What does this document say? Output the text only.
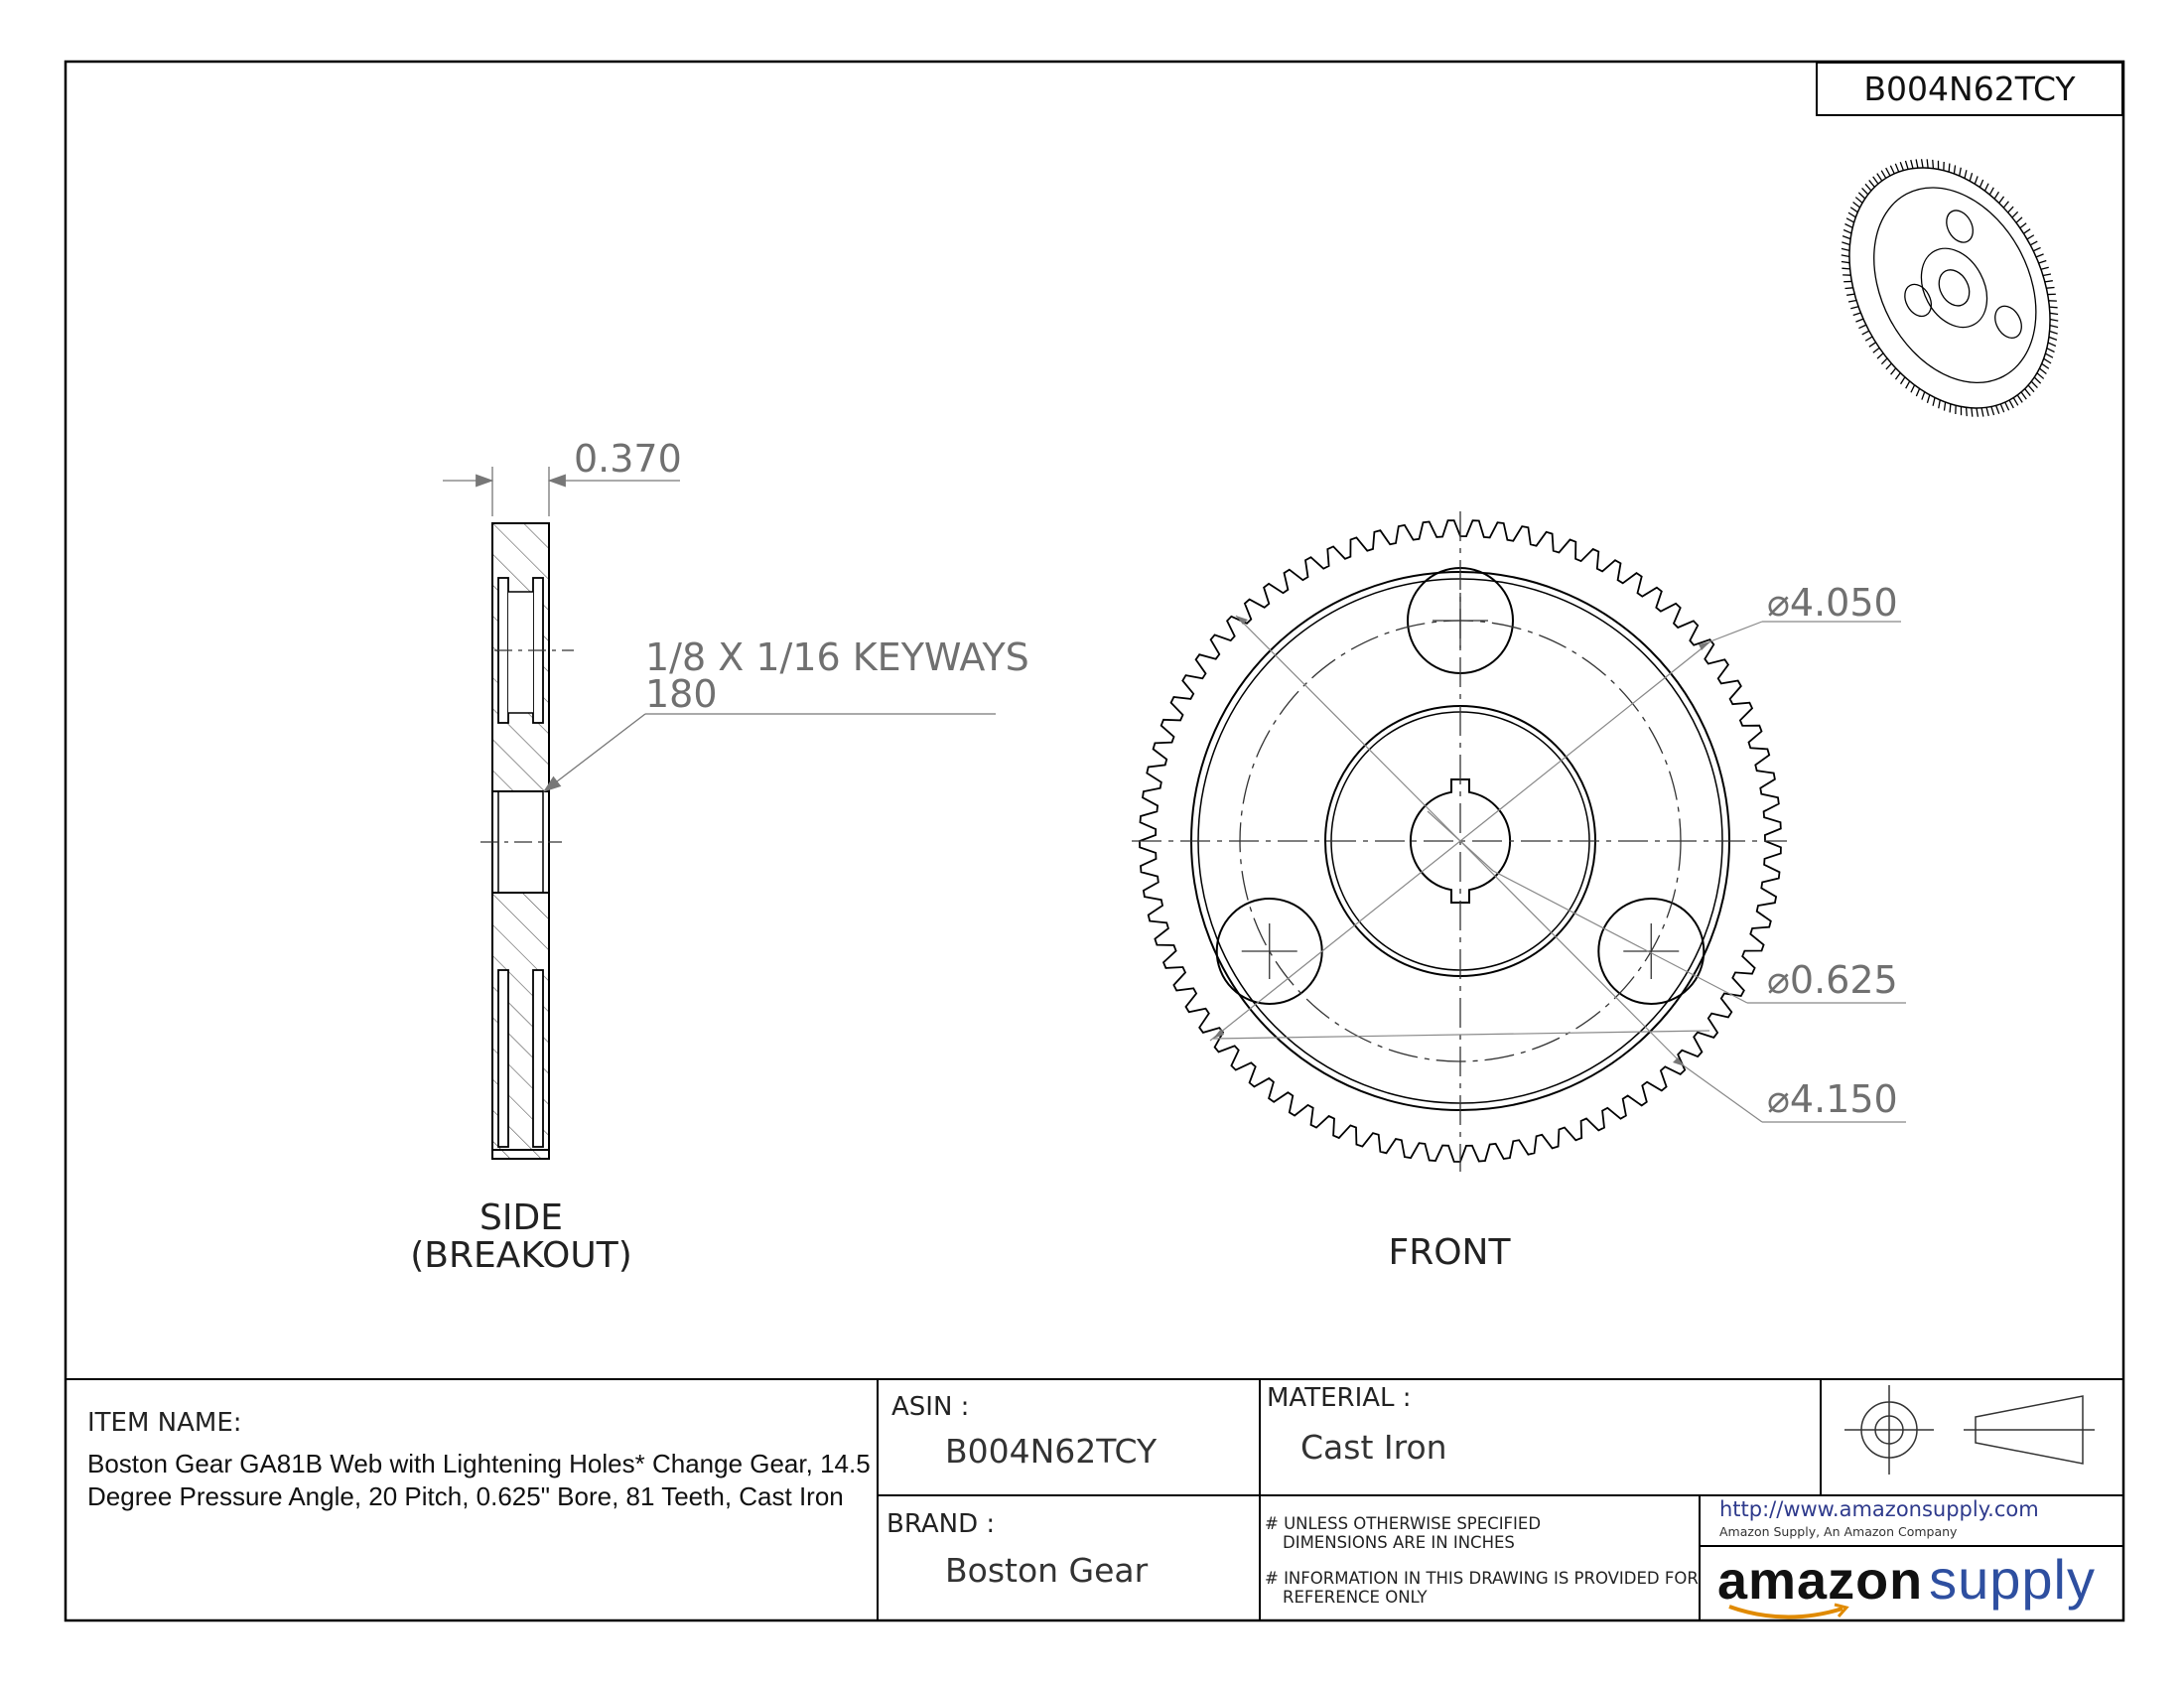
B004N62TCY
0.370
1/8 X 1/16 KEYWAYS
180
SIDE
(BREAKOUT)	FRONT
⌀4.050
⌀0.625
⌀4.150
ITEM NAME:
Boston Gear GA81B Web with Lightening Holes* Change Gear, 14.5
Degree Pressure Angle, 20 Pitch, 0.625" Bore, 81 Teeth, Cast Iron
ASIN :
B004N62TCY
BRAND :
Boston Gear
MATERIAL :
Cast Iron
# UNLESS OTHERWISE SPECIFIED
DIMENSIONS ARE IN INCHES
# INFORMATION IN THIS DRAWING IS PROVIDED FOR
REFERENCE ONLY
http://www.amazonsupply.com
Amazon Supply, An Amazon Company
amazon supply
